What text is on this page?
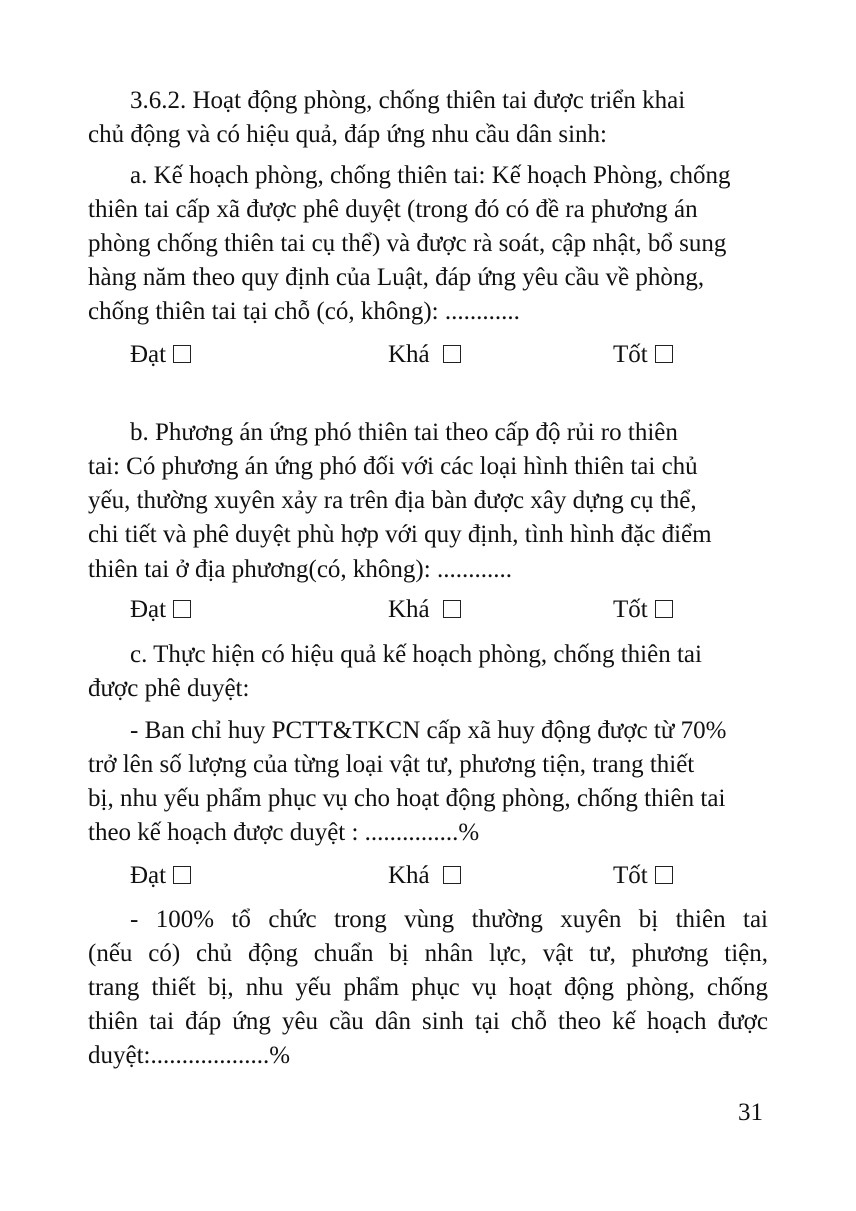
3.6.2. Hoạt động phòng, chống thiên tai được triển khai
chủ động và có hiệu quả, đáp ứng nhu cầu dân sinh:
a. Kế hoạch phòng, chống thiên tai: Kế hoạch Phòng, chống
thiên tai cấp xã được phê duyệt (trong đó có đề ra phương án
phòng chống thiên tai cụ thể) và được rà soát, cập nhật, bổ sung
hàng năm theo quy định của Luật, đáp ứng yêu cầu về phòng,
chống thiên tai tại chỗ (có, không): ............
Đạt	Khá	Tốt
b. Phương án ứng phó thiên tai theo cấp độ rủi ro thiên
tai: Có phương án ứng phó đối với các loại hình thiên tai chủ
yếu, thường xuyên xảy ra trên địa bàn được xây dựng cụ thể,
chi tiết và phê duyệt phù hợp với quy định, tình hình đặc điểm
thiên tai ở địa phương(có, không): ............
Đạt	Khá	Tốt
c. Thực hiện có hiệu quả kế hoạch phòng, chống thiên tai
được phê duyệt:
- Ban chỉ huy PCTT&TKCN cấp xã huy động được từ 70%
trở lên số lượng của từng loại vật tư, phương tiện, trang thiết
bị, nhu yếu phẩm phục vụ cho hoạt động phòng, chống thiên tai
theo kế hoạch được duyệt : ...............%
Đạt	Khá	Tốt
- 100% tổ chức trong vùng thường xuyên bị thiên tai
(nếu có) chủ động chuẩn bị nhân lực, vật tư, phương tiện,
trang thiết bị, nhu yếu phẩm phục vụ hoạt động phòng, chống
thiên tai đáp ứng yêu cầu dân sinh tại chỗ theo kế hoạch được
duyệt:...................%
31
